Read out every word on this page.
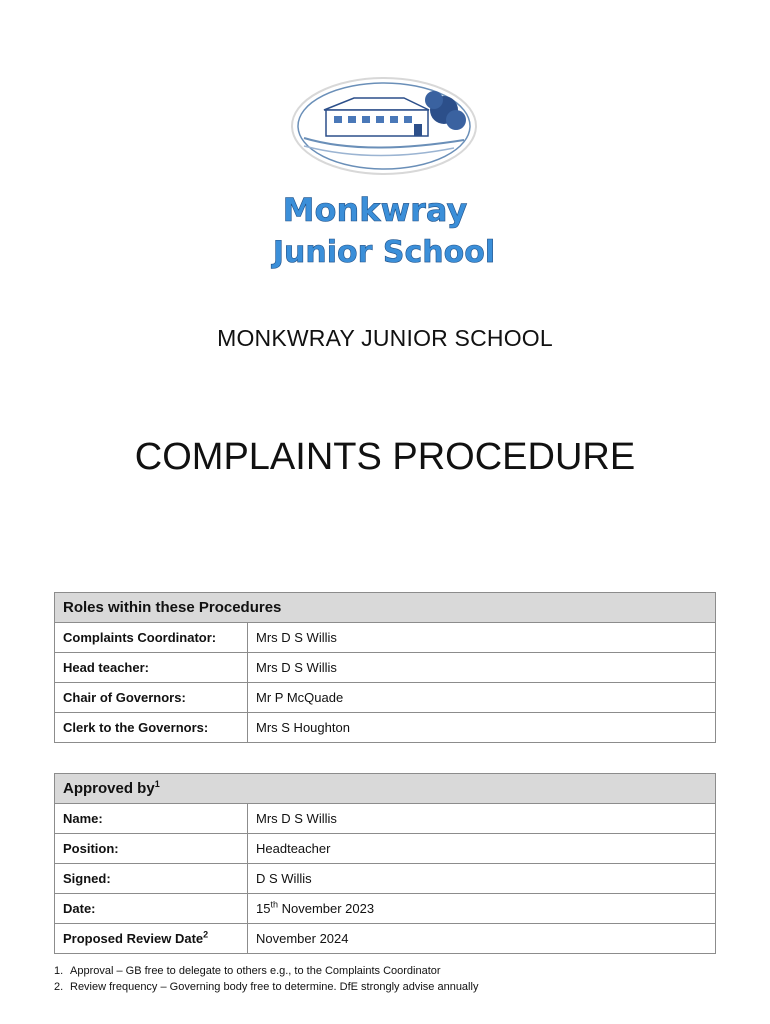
Monkwray
Junior School
MONKWRAY JUNIOR SCHOOL
COMPLAINTS PROCEDURE
Roles within these Procedures	
Complaints Coordinator:	Mrs D S Willis
Head teacher:	Mrs D S Willis
Chair of Governors:	Mr P McQuade
Clerk to the Governors:	Mrs S Houghton
Approved $by^1$
Name:	Mrs D S Willis
Position:	Headteacher
Signed:	D S Willis
Date:	15th November 2023
Proposed Review Date$^2$	November 2024
1. Approval – GB free to delegate to others e.g., to the Complaints Coordinator
2. Review frequency – Governing body free to determine. DfE strongly advise annually
